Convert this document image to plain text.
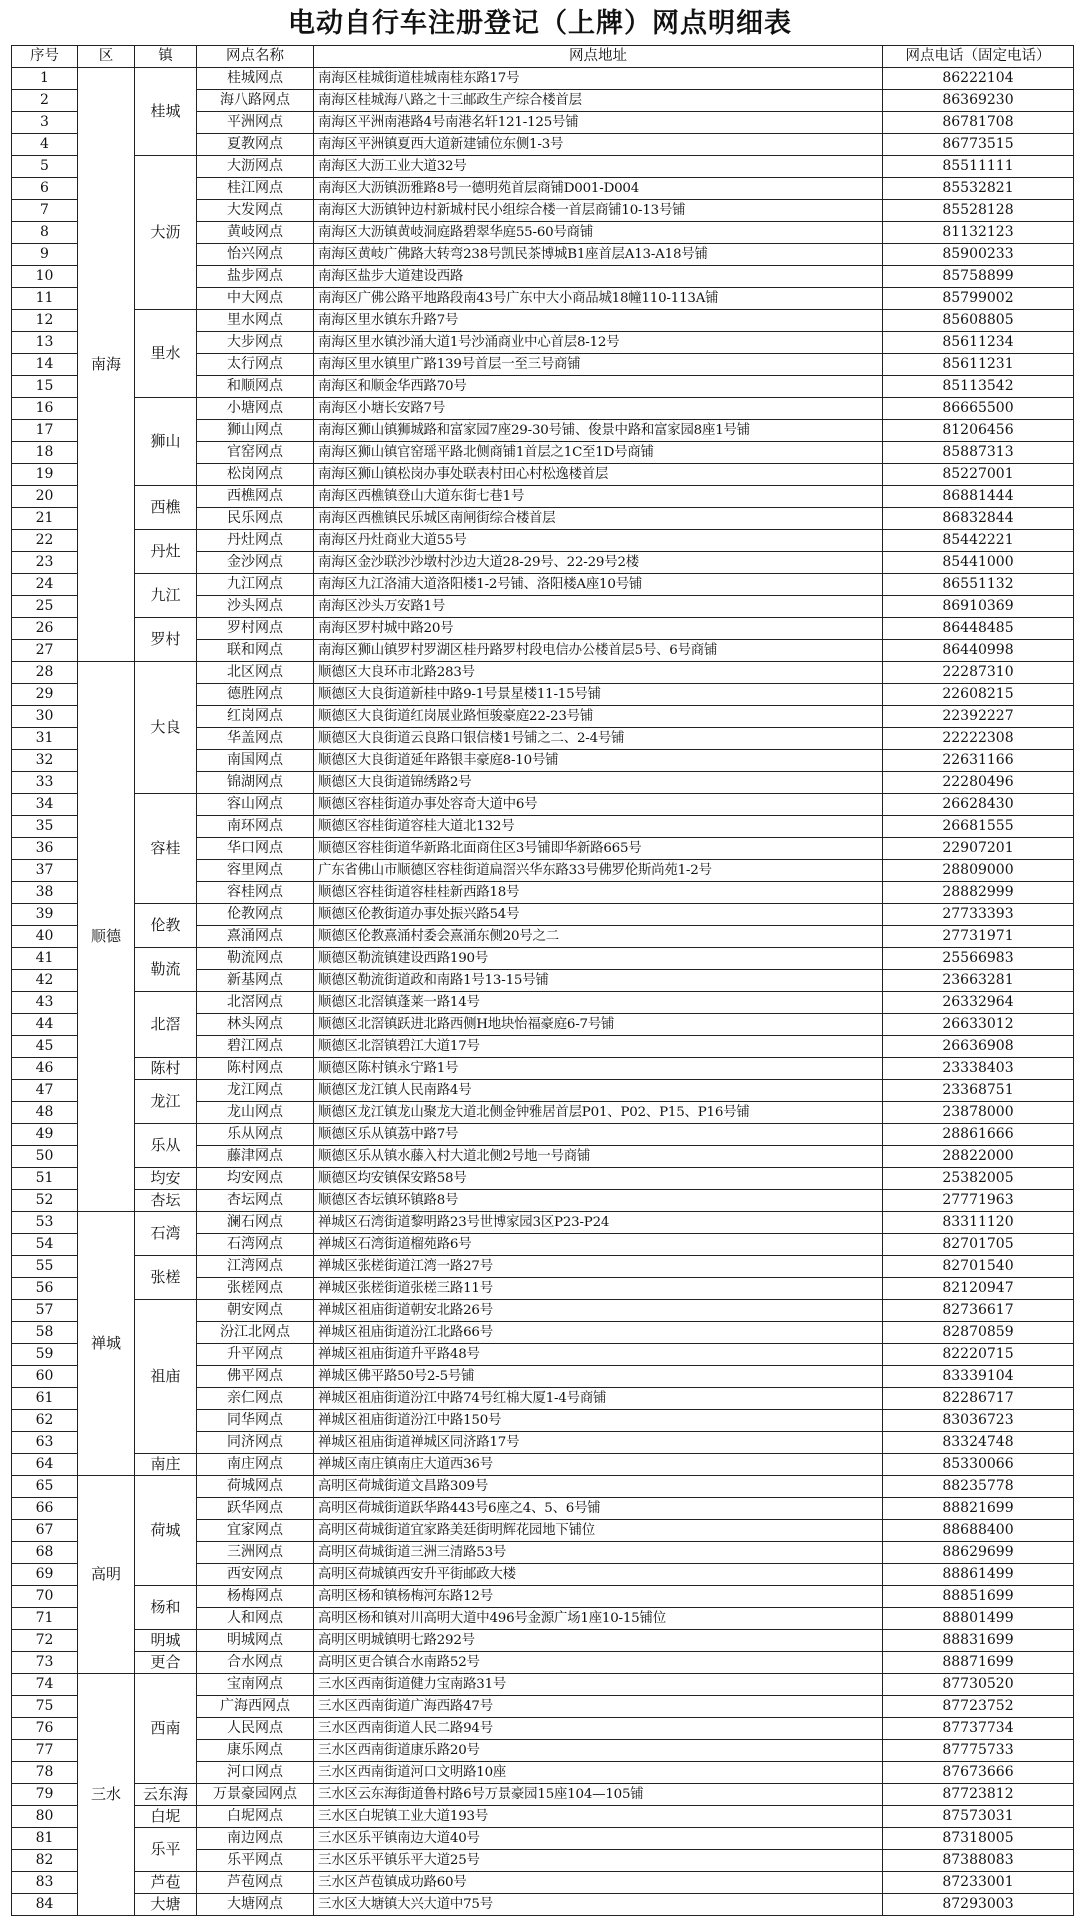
电动自行车注册登记（上牌）网点明细表
序号	区	镇	网点名称	网点地址	网点电话（固定电话）
1	南海	桂城	桂城网点	南海区桂城街道桂城南桂东路17号	86222104
2			海八路网点	南海区桂城海八路之十三邮政生产综合楼首层	86369230
3			平洲网点	南海区平洲南港路4号南港名轩121-125号铺	86781708
4			夏教网点	南海区平洲镇夏西大道新建铺位东侧1-3号	86773515
5		大沥	大沥网点	南海区大沥工业大道32号	85511111
6			桂江网点	南海区大沥镇沥雅路8号一德明苑首层商铺D001-D004	85532821
7			大发网点	南海区大沥镇钟边村新城村民小组综合楼一首层商铺10-13号铺	85528128
8			黄岐网点	南海区大沥镇黄岐洞庭路碧翠华庭55-60号商铺	81132123
9			怡兴网点	南海区黄岐广佛路大转弯238号凯民茶博城B1座首层A13-A18号铺	85900233
10			盐步网点	南海区盐步大道建设西路	85758899
11			中大网点	南海区广佛公路平地路段南43号广东中大小商品城18幢110-113A铺	85799002
12		里水	里水网点	南海区里水镇东升路7号	85608805
13			大步网点	南海区里水镇沙涌大道1号沙涌商业中心首层8-12号	85611234
14			太行网点	南海区里水镇里广路139号首层一至三号商铺	85611231
15			和顺网点	南海区和顺金华西路70号	85113542
16		狮山	小塘网点	南海区小塘长安路7号	86665500
17			狮山网点	南海区狮山镇狮城路和富家园7座29-30号铺、俊景中路和富家园8座1号铺	81206456
18			官窑网点	南海区狮山镇官窑瑶平路北侧商铺1首层之1C至1D号商铺	85887313
19			松岗网点	南海区狮山镇松岗办事处联表村田心村松逸楼首层	85227001
20		西樵	西樵网点	南海区西樵镇登山大道东街七巷1号	86881444
21			民乐网点	南海区西樵镇民乐城区南闸街综合楼首层	86832844
22		丹灶	丹灶网点	南海区丹灶商业大道55号	85442221
23			金沙网点	南海区金沙联沙沙墩村沙边大道28-29号、22-29号2楼	85441000
24		九江	九江网点	南海区九江洛浦大道洛阳楼1-2号铺、洛阳楼A座10号铺	86551132
25			沙头网点	南海区沙头万安路1号	86910369
26		罗村	罗村网点	南海区罗村城中路20号	86448485
27			联和网点	南海区狮山镇罗村罗湖区桂丹路罗村段电信办公楼首层5号、6号商铺	86440998
28	顺德	大良	北区网点	顺德区大良环市北路283号	22287310
29			德胜网点	顺德区大良街道新桂中路9-1号景星楼11-15号铺	22608215
30			红岗网点	顺德区大良街道红岗展业路恒骏豪庭22-23号铺	22392227
31			华盖网点	顺德区大良街道云良路口银信楼1号铺之二、2-4号铺	22222308
32			南国网点	顺德区大良街道延年路银丰豪庭8-10号铺	22631166
33			锦湖网点	顺德区大良街道锦绣路2号	22280496
34		容桂	容山网点	顺德区容桂街道办事处容奇大道中6号	26628430
35			南环网点	顺德区容桂街道容桂大道北132号	26681555
36			华口网点	顺德区容桂街道华新路北面商住区3号铺即华新路665号	22907201
37			容里网点	广东省佛山市顺德区容桂街道扁滘兴华东路33号佛罗伦斯尚苑1-2号	28809000
38			容桂网点	顺德区容桂街道容桂桂新西路18号	28882999
39		伦教	伦教网点	顺德区伦教街道办事处振兴路54号	27733393
40			熹涌网点	顺德区伦教熹涌村委会熹涌东侧20号之二	27731971
41		勒流	勒流网点	顺德区勒流镇建设西路190号	25566983
42			新基网点	顺德区勒流街道政和南路1号13-15号铺	23663281
43		北滘	北滘网点	顺德区北滘镇蓬莱一路14号	26332964
44			林头网点	顺德区北滘镇跃进北路西侧H地块怡福豪庭6-7号铺	26633012
45			碧江网点	顺德区北滘镇碧江大道17号	26636908
46		陈村	陈村网点	顺德区陈村镇永宁路1号	23338403
47		龙江	龙江网点	顺德区龙江镇人民南路4号	23368751
48			龙山网点	顺德区龙江镇龙山聚龙大道北侧金钟雅居首层P01、P02、P15、P16号铺	23878000
49		乐从	乐从网点	顺德区乐从镇荔中路7号	28861666
50			藤津网点	顺德区乐从镇水藤入村大道北侧2号地一号商铺	28822000
51		均安	均安网点	顺德区均安镇保安路58号	25382005
52		杏坛	杏坛网点	顺德区杏坛镇环镇路8号	27771963
53	禅城	石湾	澜石网点	禅城区石湾街道黎明路23号世博家园3区P23-P24	83311120
54			石湾网点	禅城区石湾街道榴苑路6号	82701705
55		张槎	江湾网点	禅城区张槎街道江湾一路27号	82701540
56			张槎网点	禅城区张槎街道张槎三路11号	82120947
57		祖庙	朝安网点	禅城区祖庙街道朝安北路26号	82736617
58			汾江北网点	禅城区祖庙街道汾江北路66号	82870859
59			升平网点	禅城区祖庙街道升平路48号	82220715
60			佛平网点	禅城区佛平路50号2-5号铺	83339104
61			亲仁网点	禅城区祖庙街道汾江中路74号红棉大厦1-4号商铺	82286717
62			同华网点	禅城区祖庙街道汾江中路150号	83036723
63			同济网点	禅城区祖庙街道禅城区同济路17号	83324748
64		南庄	南庄网点	禅城区南庄镇南庄大道西36号	85330066
65	高明	荷城	荷城网点	高明区荷城街道文昌路309号	88235778
66			跃华网点	高明区荷城街道跃华路443号6座之4、5、6号铺	88821699
67			宜家网点	高明区荷城街道宜家路美廷街明辉花园地下铺位	88688400
68			三洲网点	高明区荷城街道三洲三清路53号	88629699
69			西安网点	高明区荷城镇西安升平街邮政大楼	88861499
70		杨和	杨梅网点	高明区杨和镇杨梅河东路12号	88851699
71			人和网点	高明区杨和镇对川高明大道中496号金源广场1座10-15铺位	88801499
72		明城	明城网点	高明区明城镇明七路292号	88831699
73		更合	合水网点	高明区更合镇合水南路52号	88871699
74	三水	西南	宝南网点	三水区西南街道健力宝南路31号	87730520
75			广海西网点	三水区西南街道广海西路47号	87723752
76			人民网点	三水区西南街道人民二路94号	87737734
77			康乐网点	三水区西南街道康乐路20号	87775733
78			河口网点	三水区西南街道河口文明路10座	87673666
79		云东海	万景豪园网点	三水区云东海街道鲁村路6号万景豪园15座104—105铺	87723812
80		白坭	白坭网点	三水区白坭镇工业大道193号	87573031
81		乐平	南边网点	三水区乐平镇南边大道40号	87318005
82			乐平网点	三水区乐平镇乐平大道25号	87388083
83		芦苞	芦苞网点	三水区芦苞镇成功路60号	87233001
84		大塘	大塘网点	三水区大塘镇大兴大道中75号	87293003
